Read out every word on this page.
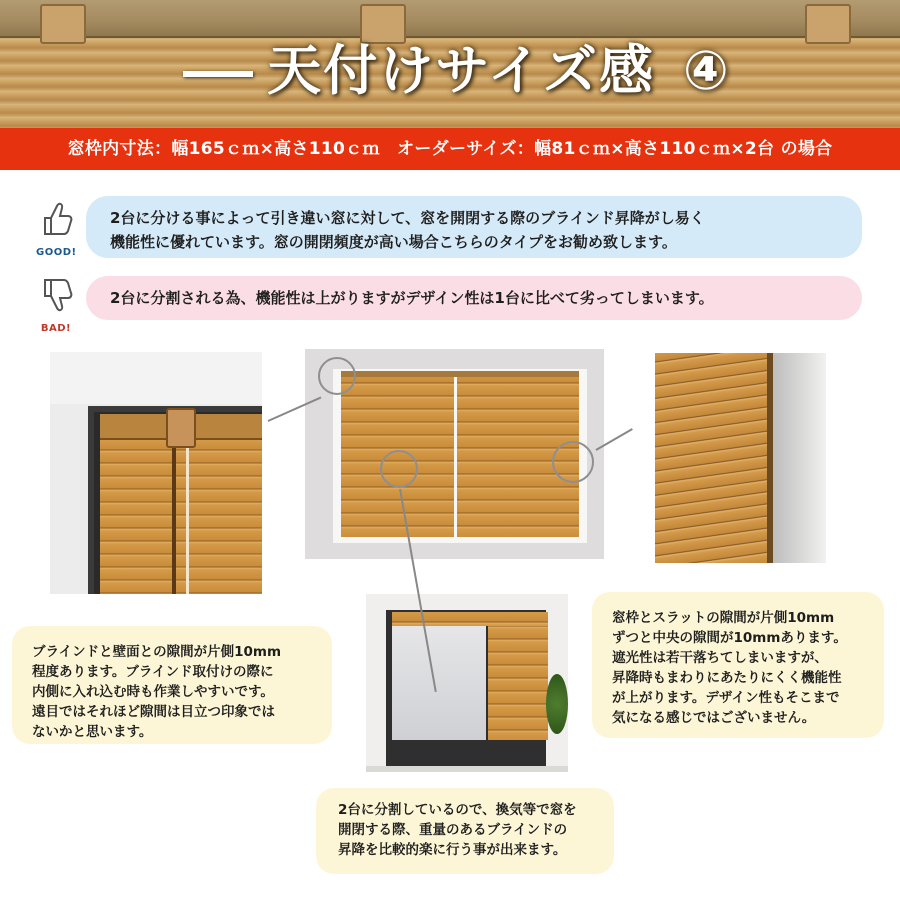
天付けサイズ感 ④
窓枠内寸法：幅165ｃｍ×高さ110ｃｍ　オーダーサイズ：幅81ｃｍ×高さ110ｃｍ×2台 の場合
GOOD!
2台に分ける事によって引き違い窓に対して、窓を開閉する際のブラインド昇降がし易く
機能性に優れています。窓の開閉頻度が高い場合こちらのタイプをお勧め致します。
BAD!
2台に分割される為、機能性は上がりますがデザイン性は1台に比べて劣ってしまいます。
ブラインドと壁面との隙間が片側10mm
程度あります。ブラインド取付けの際に
内側に入れ込む時も作業しやすいです。
遠目ではそれほど隙間は目立つ印象では
ないかと思います。
窓枠とスラットの隙間が片側10mm
ずつと中央の隙間が10mmあります。
遮光性は若干落ちてしまいますが、
昇降時もまわりにあたりにくく機能性
が上がります。デザイン性もそこまで
気になる感じではございません。
2台に分割しているので、換気等で窓を
開閉する際、重量のあるブラインドの
昇降を比較的楽に行う事が出来ます。
